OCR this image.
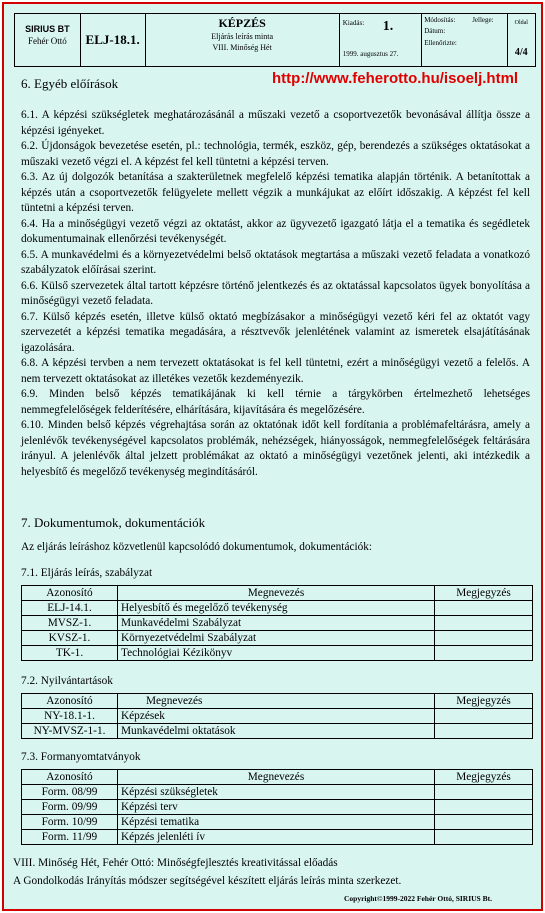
SIRIUS BT
Fehér Ottó	ELJ-18.1.
KÉPZÉS
Eljárás leírás minta
VIII. Minőség Hét
Kiadás: 1.
1999. augusztus 27.
Módosítás: Jellege:
Dátum:
Ellenőrizte:
Oldal
4/4
6. Egyéb előírások	http://www.feherotto.hu/isoelj.html

6.1. A képzési szükségletek meghatározásánál a műszaki vezető a csoportvezetők bevonásával állítja össze a képzési igényeket.

6.2. Újdonságok bevezetése esetén, pl.: technológia, termék, eszköz, gép, berendezés a szükséges oktatásokat a műszaki vezető végzi el. A képzést fel kell tüntetni a képzési terven.

6.3. Az új dolgozók betanítása a szakterületnek megfelelő képzési tematika alapján történik. A betanítottak a képzés után a csoportvezetők felügyelete mellett végzik a munkájukat az előírt időszakig. A képzést fel kell tüntetni a képzési terven.

6.4. Ha a minőségügyi vezető végzi az oktatást, akkor az ügyvezető igazgató látja el a tematika és segédletek dokumentumainak ellenőrzési tevékenységét.

6.5. A munkavédelmi és a környezetvédelmi belső oktatások megtartása a műszaki vezető feladata a vonatkozó szabályzatok előírásai szerint.

6.6. Külső szervezetek által tartott képzésre történő jelentkezés és az oktatással kapcsolatos ügyek bonyolítása a minőségügyi vezető feladata.

6.7. Külső képzés esetén, illetve külső oktató megbízásakor a minőségügyi vezető kéri fel az oktatót vagy szervezetét a képzési tematika megadására, a résztvevők jelenlétének valamint az ismeretek elsajátításának igazolására.

6.8. A képzési tervben a nem tervezett oktatásokat is fel kell tüntetni, ezért a minőségügyi vezető a felelős. A nem tervezett oktatásokat az illetékes vezetők kezdeményezik.

6.9. Minden belső képzés tematikájának ki kell térnie a tárgykörben értelmezhető lehetséges nemmegfelelőségek felderítésére, elhárítására, kijavítására és megelőzésére.

6.10. Minden belső képzés végrehajtása során az oktatónak időt kell fordítania a problémafeltárásra, amely a jelenlévők tevékenységével kapcsolatos problémák, nehézségek, hiányosságok, nemmegfelelőségek feltárására irányul. A jelenlévők által jelzett problémákat az oktató a minőségügyi vezetőnek jelenti, aki intézkedik a helyesbítő és megelőző tevékenység megindításáról.

7. Dokumentumok, dokumentációk
Az eljárás leíráshoz közvetlenül kapcsolódó dokumentumok, dokumentációk:
7.1. Eljárás leírás, szabályzat
Azonosító	Megnevezés	Megjegyzés
ELJ-14.1.	Helyesbítő és megelőző tevékenység	
MVSZ-1.	Munkavédelmi Szabályzat	
KVSZ-1.	Környezetvédelmi Szabályzat	
TK-1.	Technológiai Kézikönyv	
7.2. Nyilvántartások
Azonosító	Megnevezés	Megjegyzés
NY-18.1-1.	Képzések	
NY-MVSZ-1-1.	Munkavédelmi oktatások	
7.3. Formanyomtatványok
Azonosító	Megnevezés	Megjegyzés
Form. 08/99	Képzési szükségletek	
Form. 09/99	Képzési terv	
Form. 10/99	Képzési tematika	
Form. 11/99	Képzés jelenléti ív	
VIII. Minőség Hét, Fehér Ottó: Minőségfejlesztés kreativitással előadás
A Gondolkodás Irányítás módszer segítségével készített eljárás leírás minta szerkezet.
Copyright©1999-2022 Fehér Ottó, SIRIUS Bt.
